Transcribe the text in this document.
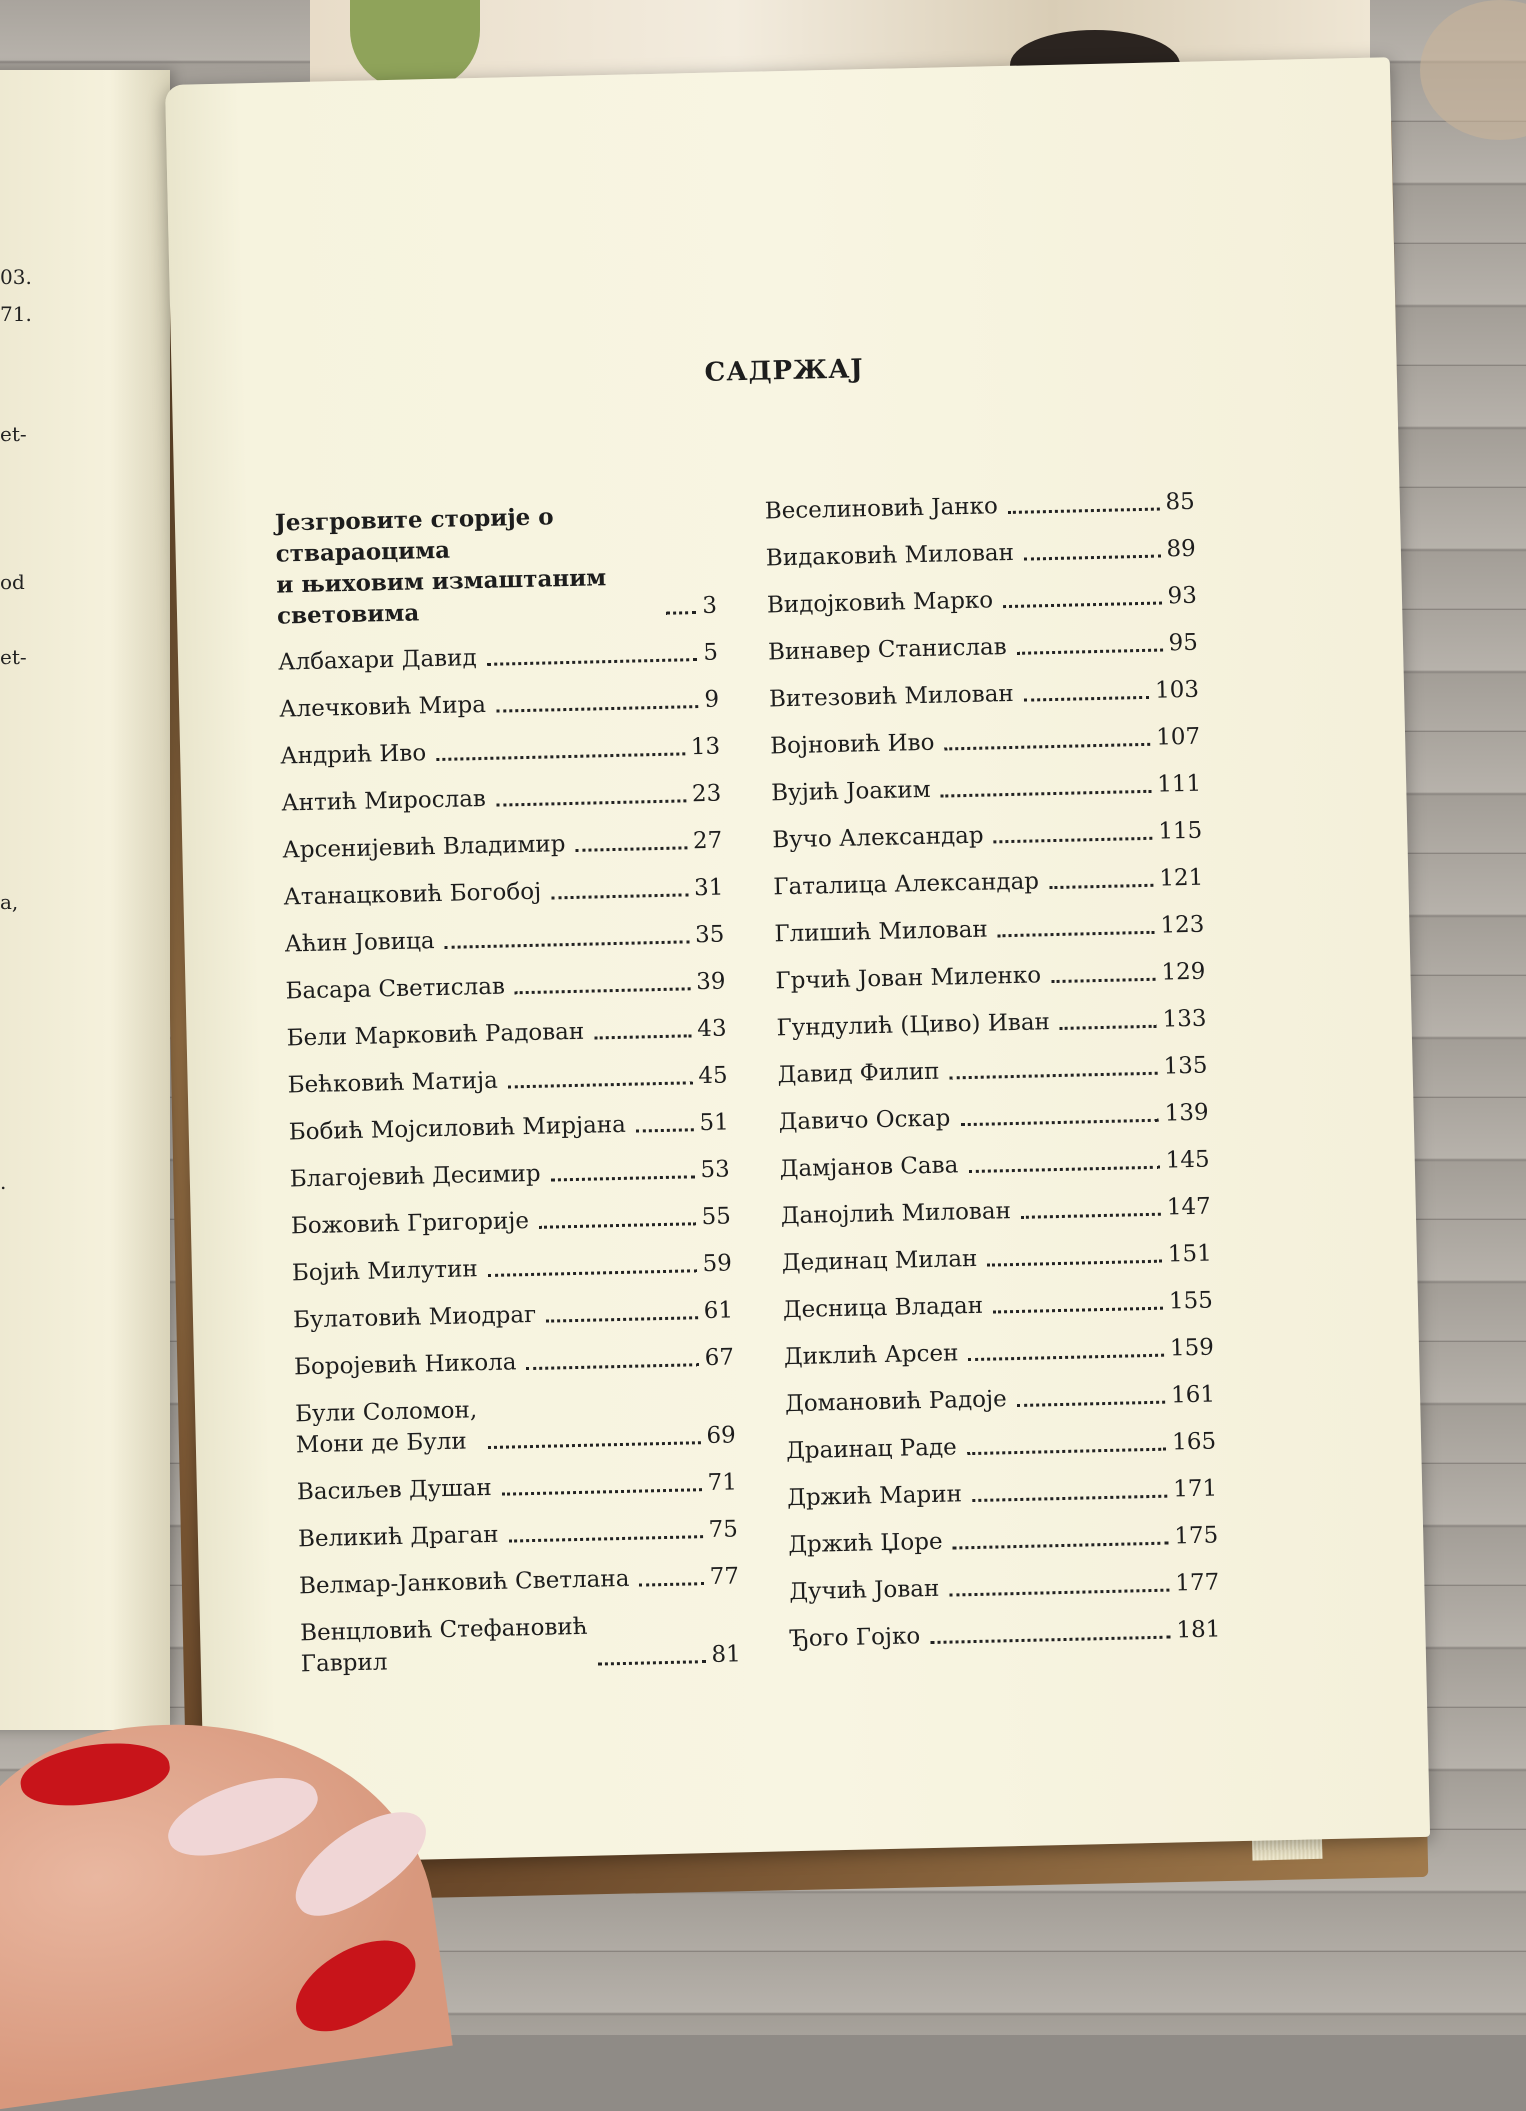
03.
71.
et-
od
et-
a,
.
САДРЖАЈ
Језгровите сторије о ствараоцима
и њиховим измаштаним
световима	3
Албахари Давид	5
Алечковић Мира	9
Андрић Иво	13
Антић Мирослав	23
Арсенијевић Владимир	27
Атанацковић Богобој	31
Аћин Јовица	35
Басара Светислав	39
Бели Марковић Радован	43
Бећковић Матија	45
Бобић Мојсиловић Мирјана	51
Благојевић Десимир	53
Божовић Григорије	55
Бојић Милутин	59
Булатовић Миодраг	61
Боројевић Никола	67
Були Соломон,
Мони де Були	69
Васиљев Душан	71
Великић Драган	75
Велмар-Јанковић Светлана	77
Венцловић Стефановић
Гаврил	81
Веселиновић Јанко	85
Видаковић Милован	89
Видојковић Марко	93
Винавер Станислав	95
Витезовић Милован	103
Војновић Иво	107
Вујић Јоаким	111
Вучо Александар	115
Гаталица Александар	121
Глишић Милован	123
Грчић Јован Миленко	129
Гундулић (Циво) Иван	133
Давид Филип	135
Давичо Оскар	139
Дамјанов Сава	145
Данојлић Милован	147
Дединац Милан	151
Десница Владан	155
Диклић Арсен	159
Домановић Радоје	161
Драинац Раде	165
Држић Марин	171
Држић Џоре	175
Дучић Јован	177
Ђого Гојко	181
